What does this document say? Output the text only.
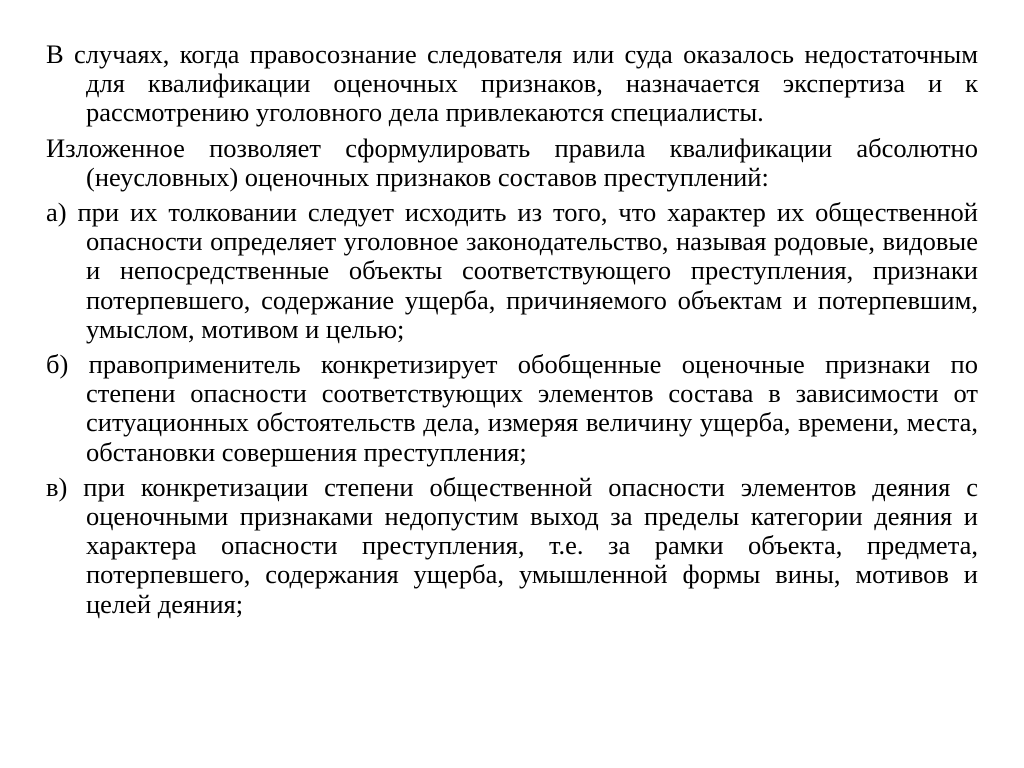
В случаях, когда правосознание следователя или суда оказалось недостаточным для квалификации оценочных признаков, назначается экспертиза и к рассмотрению уголовного дела привлекаются специалисты.

Изложенное позволяет сформулировать правила квалификации абсолютно (неусловных) оценочных признаков составов преступлений:

а) при их толковании следует исходить из того, что характер их общественной опасности определяет уголовное законодательство, называя родовые, видовые и непосредственные объекты соответствующего преступления, признаки потерпевшего, содержание ущерба, причиняемого объектам и потерпевшим, умыслом, мотивом и целью;

б) правоприменитель конкретизирует обобщенные оценочные признаки по степени опасности соответствующих элементов состава в зависимости от ситуационных обстоятельств дела, измеряя величину ущерба, времени, места, обстановки совершения преступления;

в) при конкретизации степени общественной опасности элементов деяния с оценочными признаками недопустим выход за пределы категории деяния и характера опасности преступления, т.е. за рамки объекта, предмета, потерпевшего, содержания ущерба, умышленной формы вины, мотивов и целей деяния;
